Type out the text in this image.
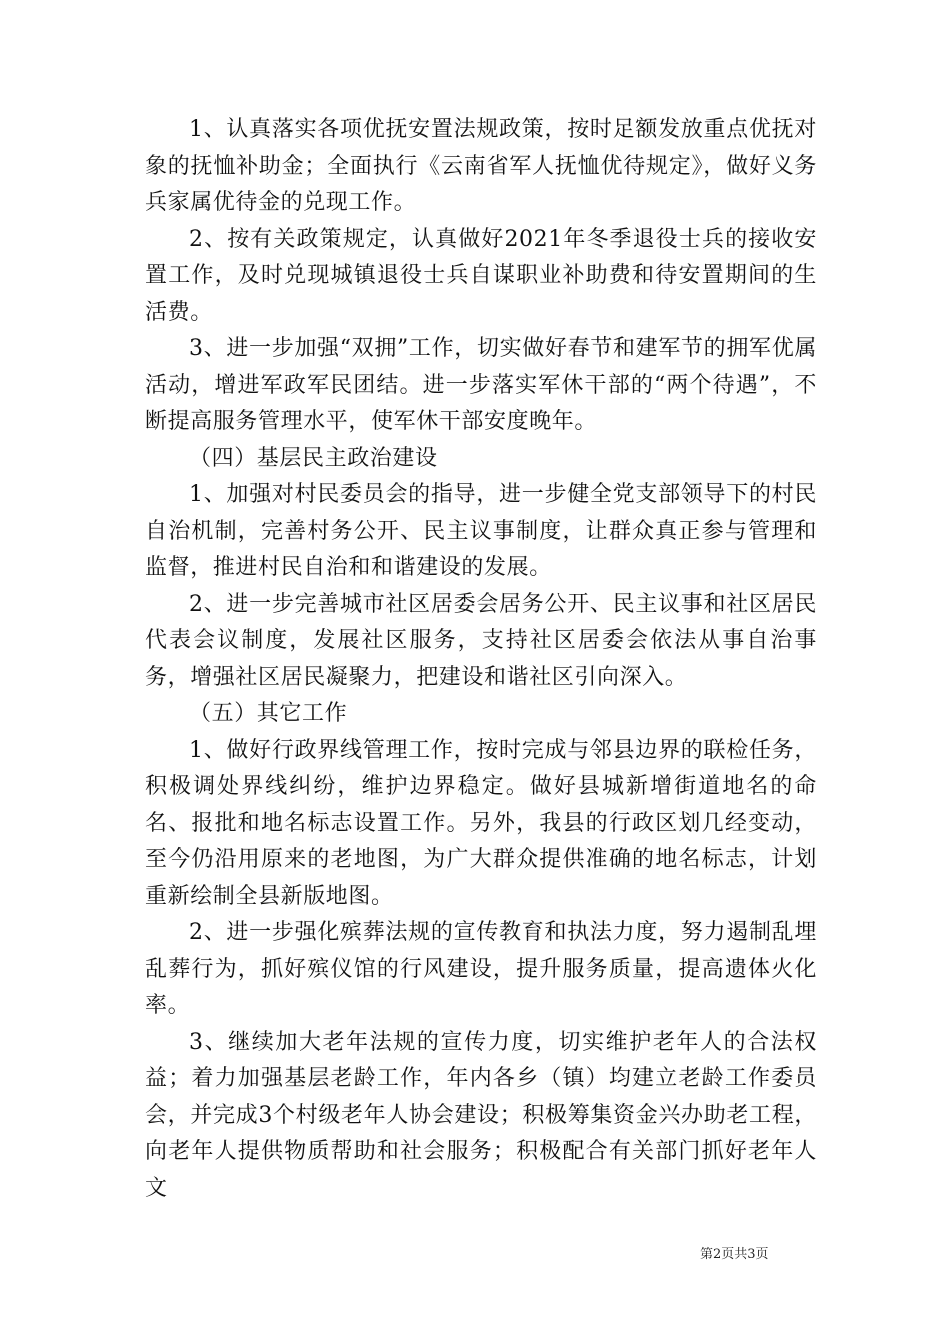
1、认真落实各项优抚安置法规政策，按时足额发放重点优抚对象的抚恤补助金；全面执行《云南省军人抚恤优待规定》，做好义务兵家属优待金的兑现工作。

2、按有关政策规定，认真做好2021年冬季退役士兵的接收安置工作，及时兑现城镇退役士兵自谋职业补助费和待安置期间的生活费。

3、进一步加强“双拥”工作，切实做好春节和建军节的拥军优属活动，增进军政军民团结。进一步落实军休干部的“两个待遇”，不断提高服务管理水平，使军休干部安度晚年。

（四）基层民主政治建设

1、加强对村民委员会的指导，进一步健全党支部领导下的村民自治机制，完善村务公开、民主议事制度，让群众真正参与管理和监督，推进村民自治和和谐建设的发展。

2、进一步完善城市社区居委会居务公开、民主议事和社区居民代表会议制度，发展社区服务，支持社区居委会依法从事自治事务，增强社区居民凝聚力，把建设和谐社区引向深入。

（五）其它工作

1、做好行政界线管理工作，按时完成与邻县边界的联检任务，积极调处界线纠纷，维护边界稳定。做好县城新增街道地名的命名、报批和地名标志设置工作。另外，我县的行政区划几经变动，至今仍沿用原来的老地图，为广大群众提供准确的地名标志，计划重新绘制全县新版地图。

2、进一步强化殡葬法规的宣传教育和执法力度，努力遏制乱埋乱葬行为，抓好殡仪馆的行风建设，提升服务质量，提高遗体火化率。

3、继续加大老年法规的宣传力度，切实维护老年人的合法权益；着力加强基层老龄工作，年内各乡（镇）均建立老龄工作委员会，并完成3个村级老年人协会建设；积极筹集资金兴办助老工程，向老年人提供物质帮助和社会服务；积极配合有关部门抓好老年人文

第2页共3页
